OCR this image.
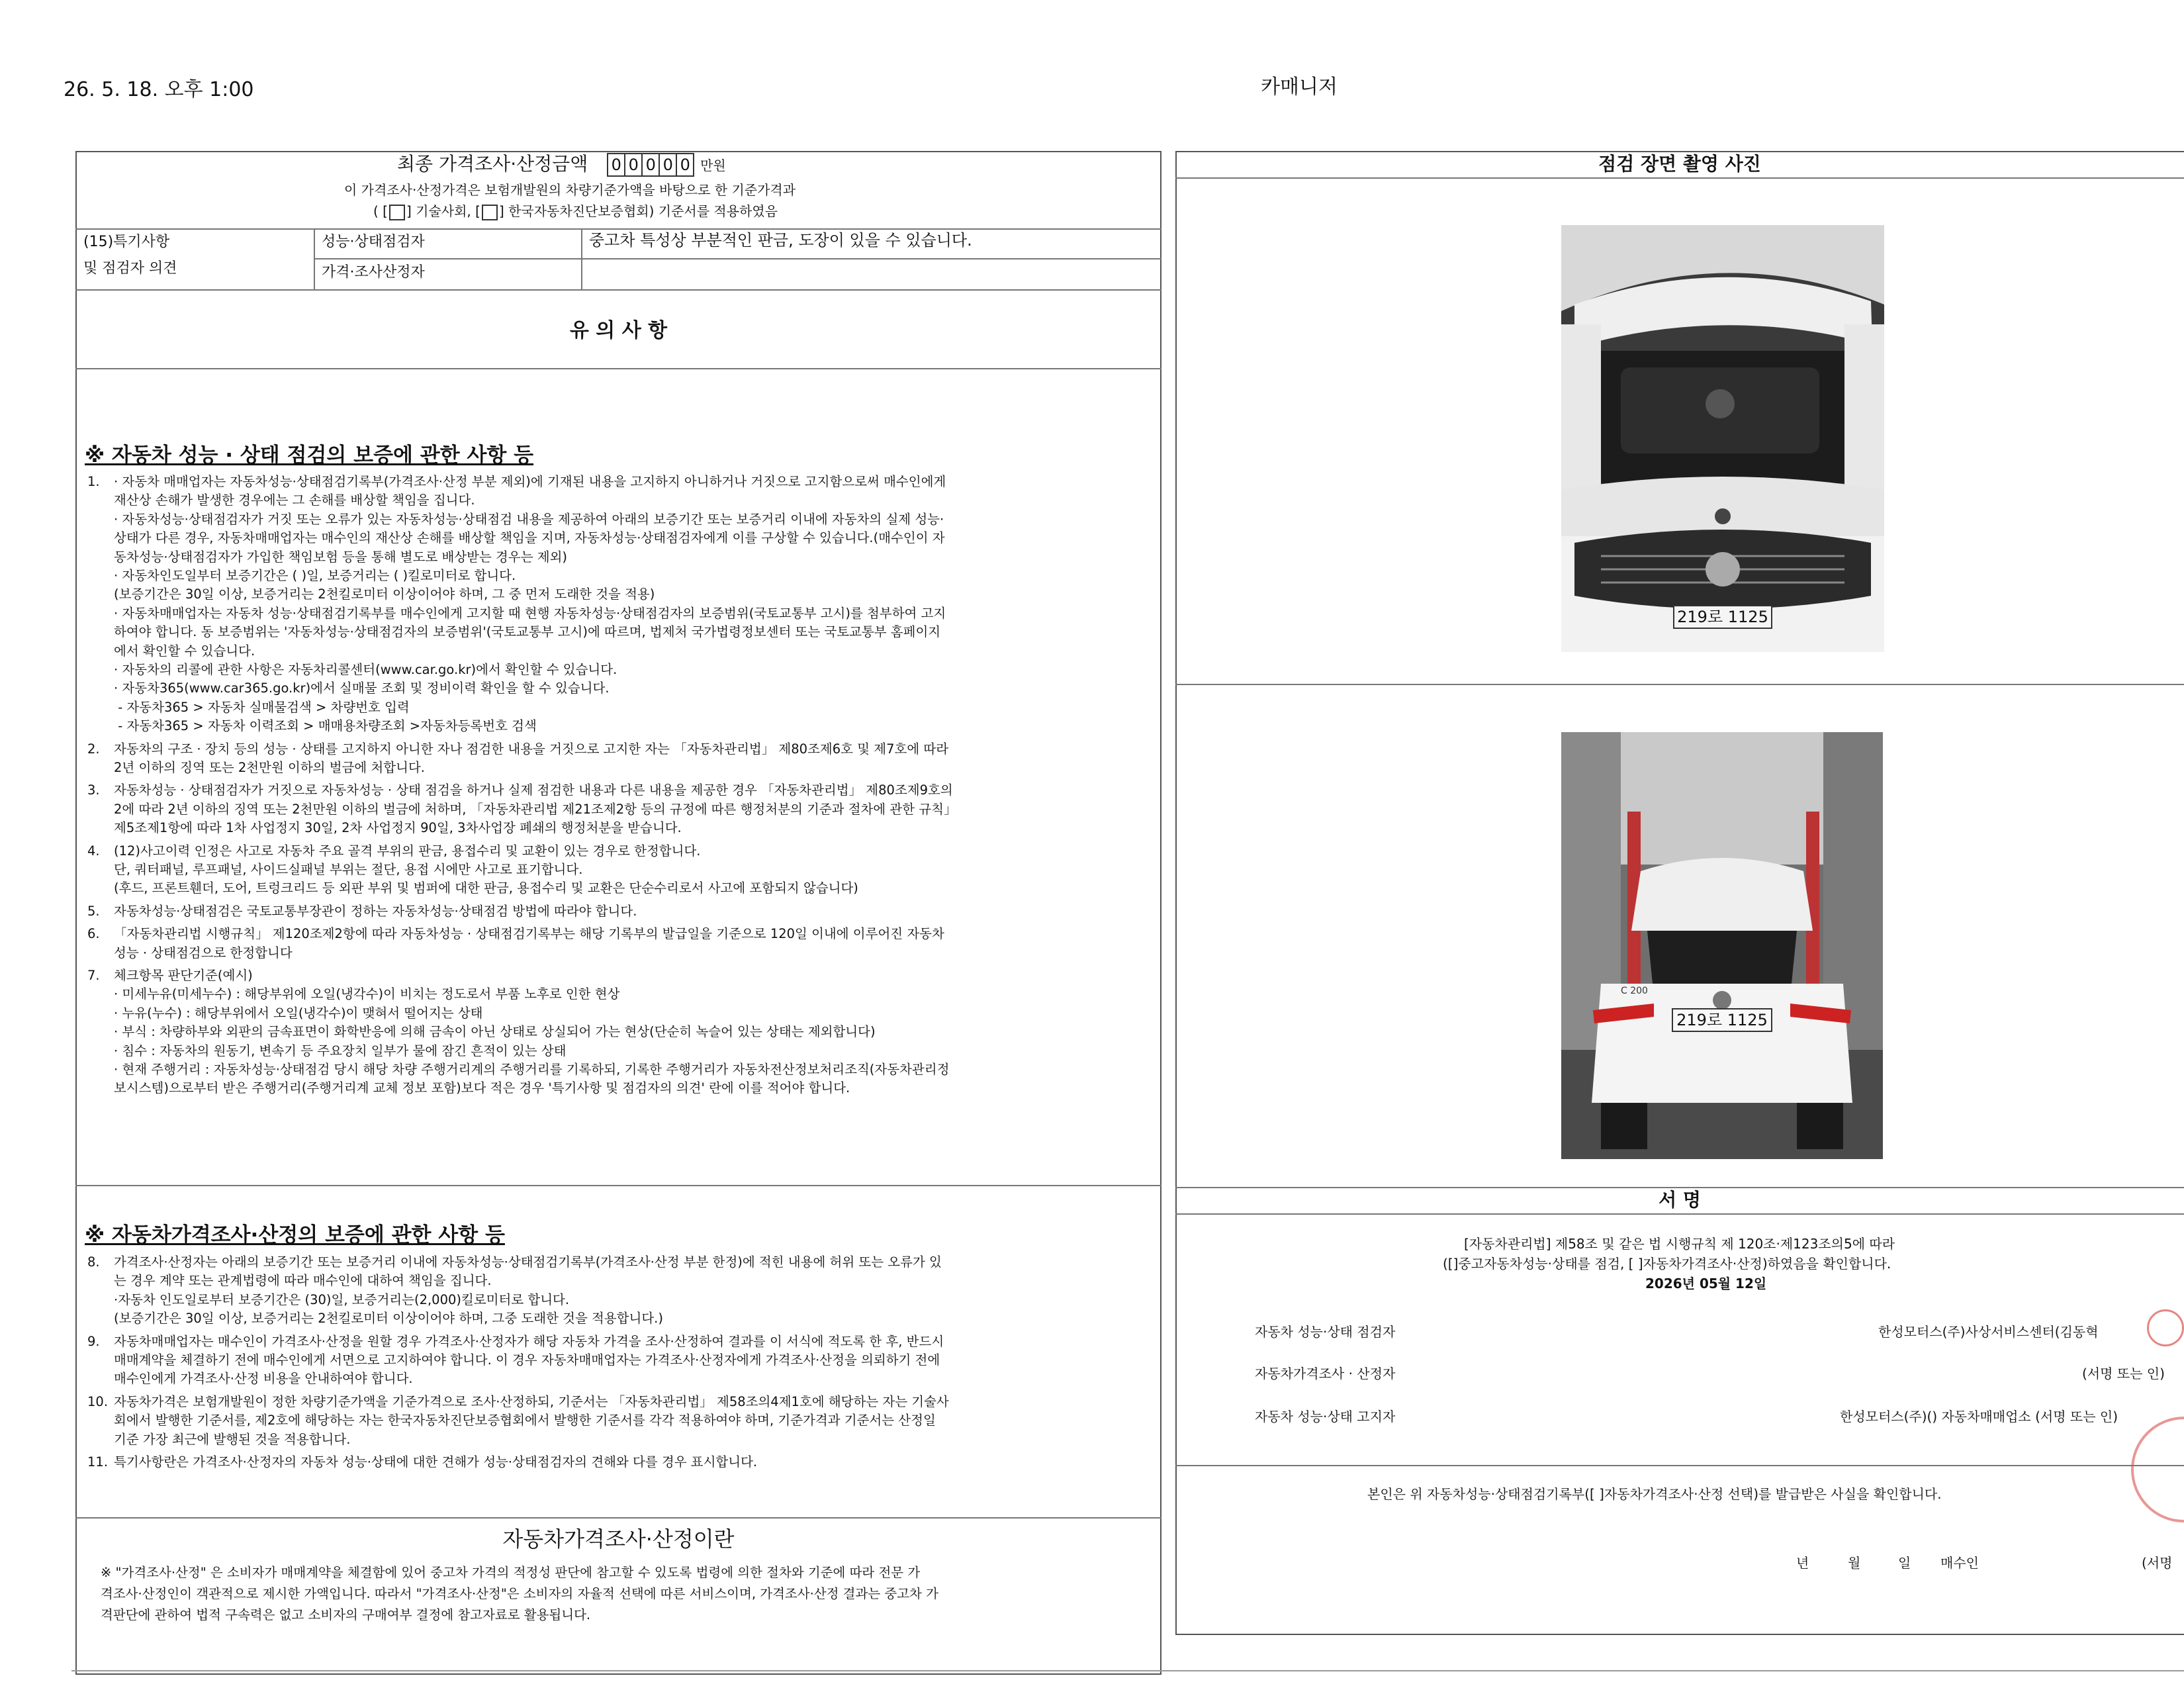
26. 5. 18. 오후 1:00	카매니저
최종 가격조사·산정금액 0 0 0 0 0 만원
이 가격조사·산정가격은 보험개발원의 차량기준가액을 바탕으로 한 기준가격과
( [ ] 기술사회, [ ] 한국자동차진단보증협회) 기준서를 적용하였음
(15)특기사항
및 점검자 의견
성능·상태점검자	중고차 특성상 부분적인 판금, 도장이 있을 수 있습니다.
가격·조사산정자
유 의 사 항
※ 자동차 성능 · 상태 점검의 보증에 관한 사항 등
1. · 자동차 매매업자는 자동차성능·상태점검기록부(가격조사·산정 부분 제외)에 기재된 내용을 고지하지 아니하거나 거짓으로 고지함으로써 매수인에게
재산상 손해가 발생한 경우에는 그 손해를 배상할 책임을 집니다.
· 자동차성능·상태점검자가 거짓 또는 오류가 있는 자동차성능·상태점검 내용을 제공하여 아래의 보증기간 또는 보증거리 이내에 자동차의 실제 성능·
상태가 다른 경우, 자동차매매업자는 매수인의 재산상 손해를 배상할 책임을 지며, 자동차성능·상태점검자에게 이를 구상할 수 있습니다.(매수인이 자
동차성능·상태점검자가 가입한 책임보험 등을 통해 별도로 배상받는 경우는 제외)
· 자동차인도일부터 보증기간은 ( )일, 보증거리는 ( )킬로미터로 합니다.
(보증기간은 30일 이상, 보증거리는 2천킬로미터 이상이어야 하며, 그 중 먼저 도래한 것을 적용)
· 자동차매매업자는 자동차 성능·상태점검기록부를 매수인에게 고지할 때 현행 자동차성능·상태점검자의 보증범위(국토교통부 고시)를 첨부하여 고지
하여야 합니다. 동 보증범위는 '자동차성능·상태점검자의 보증범위'(국토교통부 고시)에 따르며, 법제처 국가법령정보센터 또는 국토교통부 홈페이지
에서 확인할 수 있습니다.
· 자동차의 리콜에 관한 사항은 자동차리콜센터(www.car.go.kr)에서 확인할 수 있습니다.
· 자동차365(www.car365.go.kr)에서 실매물 조회 및 정비이력 확인을 할 수 있습니다.
- 자동차365 > 자동차 실매물검색 > 차량번호 입력
- 자동차365 > 자동차 이력조회 > 매매용차량조회 >자동차등록번호 검색
2. 자동차의 구조 · 장치 등의 성능 · 상태를 고지하지 아니한 자나 점검한 내용을 거짓으로 고지한 자는 「자동차관리법」 제80조제6호 및 제7호에 따라
2년 이하의 징역 또는 2천만원 이하의 벌금에 처합니다.
3. 자동차성능 · 상태점검자가 거짓으로 자동차성능 · 상태 점검을 하거나 실제 점검한 내용과 다른 내용을 제공한 경우 「자동차관리법」 제80조제9호의
2에 따라 2년 이하의 징역 또는 2천만원 이하의 벌금에 처하며, 「자동차관리법 제21조제2항 등의 규정에 따른 행정처분의 기준과 절차에 관한 규칙」
제5조제1항에 따라 1차 사업정지 30일, 2차 사업정지 90일, 3차사업장 폐쇄의 행정처분을 받습니다.
4. (12)사고이력 인정은 사고로 자동차 주요 골격 부위의 판금, 용접수리 및 교환이 있는 경우로 한정합니다.
단, 쿼터패널, 루프패널, 사이드실패널 부위는 절단, 용접 시에만 사고로 표기합니다.
(후드, 프론트휀더, 도어, 트렁크리드 등 외판 부위 및 범퍼에 대한 판금, 용접수리 및 교환은 단순수리로서 사고에 포함되지 않습니다)
5. 자동차성능·상태점검은 국토교통부장관이 정하는 자동차성능·상태점검 방법에 따라야 합니다.
6. 「자동차관리법 시행규칙」 제120조제2항에 따라 자동차성능 · 상태점검기록부는 해당 기록부의 발급일을 기준으로 120일 이내에 이루어진 자동차
성능 · 상태점검으로 한정합니다
7. 체크항목 판단기준(예시)
· 미세누유(미세누수) : 해당부위에 오일(냉각수)이 비치는 정도로서 부품 노후로 인한 현상
· 누유(누수) : 해당부위에서 오일(냉각수)이 맺혀서 떨어지는 상태
· 부식 : 차량하부와 외판의 금속표면이 화학반응에 의해 금속이 아닌 상태로 상실되어 가는 현상(단순히 녹슬어 있는 상태는 제외합니다)
· 침수 : 자동차의 원동기, 변속기 등 주요장치 일부가 물에 잠긴 흔적이 있는 상태
· 현재 주행거리 : 자동차성능·상태점검 당시 해당 차량 주행거리계의 주행거리를 기록하되, 기록한 주행거리가 자동차전산정보처리조직(자동차관리정
보시스템)으로부터 받은 주행거리(주행거리계 교체 정보 포함)보다 적은 경우 '특기사항 및 점검자의 의견' 란에 이를 적어야 합니다.
※ 자동차가격조사·산정의 보증에 관한 사항 등
8. 가격조사·산정자는 아래의 보증기간 또는 보증거리 이내에 자동차성능·상태점검기록부(가격조사·산정 부분 한정)에 적힌 내용에 허위 또는 오류가 있
는 경우 계약 또는 관계법령에 따라 매수인에 대하여 책임을 집니다.
·자동차 인도일로부터 보증기간은 (30)일, 보증거리는(2,000)킬로미터로 합니다.
(보증기간은 30일 이상, 보증거리는 2천킬로미터 이상이어야 하며, 그중 도래한 것을 적용합니다.)
9. 자동차매매업자는 매수인이 가격조사·산정을 원할 경우 가격조사·산정자가 해당 자동차 가격을 조사·산정하여 결과를 이 서식에 적도록 한 후, 반드시
매매계약을 체결하기 전에 매수인에게 서면으로 고지하여야 합니다. 이 경우 자동차매매업자는 가격조사·산정자에게 가격조사·산정을 의뢰하기 전에
매수인에게 가격조사·산정 비용을 안내하여야 합니다.
10. 자동차가격은 보험개발원이 정한 차량기준가액을 기준가격으로 조사·산정하되, 기준서는 「자동차관리법」 제58조의4제1호에 해당하는 자는 기술사
회에서 발행한 기준서를, 제2호에 해당하는 자는 한국자동차진단보증협회에서 발행한 기준서를 각각 적용하여야 하며, 기준가격과 기준서는 산정일
기준 가장 최근에 발행된 것을 적용합니다.
11. 특기사항란은 가격조사·산정자의 자동차 성능·상태에 대한 견해가 성능·상태점검자의 견해와 다를 경우 표시합니다.
자동차가격조사·산정이란
※ "가격조사·산정" 은 소비자가 매매계약을 체결함에 있어 중고차 가격의 적정성 판단에 참고할 수 있도록 법령에 의한 절차와 기준에 따라 전문 가
격조사·산정인이 객관적으로 제시한 가액입니다. 따라서 "가격조사·산정"은 소비자의 자율적 선택에 따른 서비스이며, 가격조사·산정 결과는 중고차 가
격판단에 관하여 법적 구속력은 없고 소비자의 구매여부 결정에 참고자료로 활용됩니다.
점검 장면 촬영 사진
219로 1125
C 200
219로 1125
서 명
[자동차관리법] 제58조 및 같은 법 시행규칙 제 120조·제123조의5에 따라
([]중고자동차성능·상태를 점검, [ ]자동차가격조사·산정)하였음을 확인합니다.
2026년 05월 12일
자동차 성능·상태 점검자	한성모터스(주)사상서비스센터(김동혁
자동차가격조사 · 산정자	(서명 또는 인)
자동차 성능·상태 고지자	한성모터스(주)() 자동차매매업소 (서명 또는 인)
본인은 위 자동차성능·상태점검기록부([ ]자동차가격조사·산정 선택)를 발급받은 사실을 확인합니다.
년	월	일 매수인	(서명
